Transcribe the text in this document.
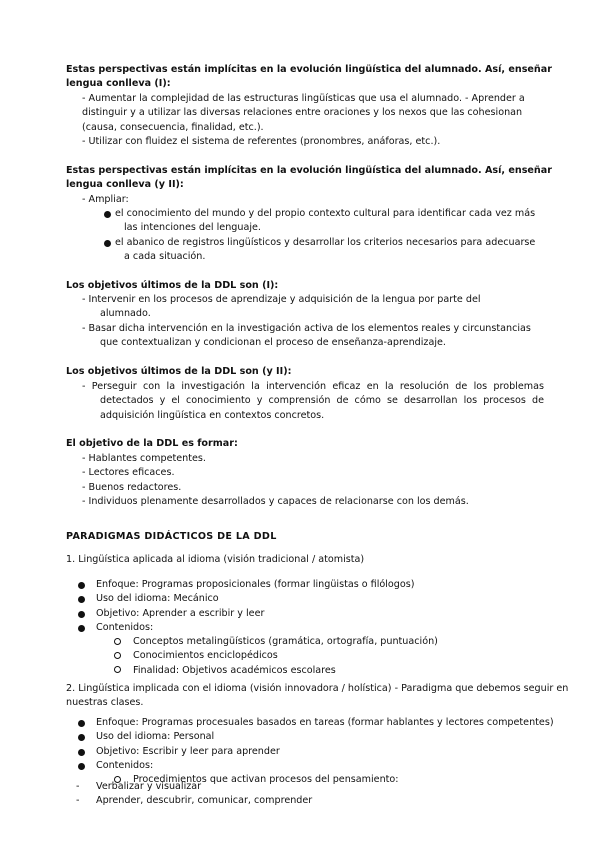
Estas perspectivas están implícitas en la evolución lingüística del alumnado. Así, enseñar
lengua conlleva (I):
- Aumentar la complejidad de las estructuras lingüísticas que usa el alumnado. - Aprender a
distinguir y a utilizar las diversas relaciones entre oraciones y los nexos que las cohesionan
(causa, consecuencia, finalidad, etc.).
- Utilizar con fluidez el sistema de referentes (pronombres, anáforas, etc.).
Estas perspectivas están implícitas en la evolución lingüística del alumnado. Así, enseñar
lengua conlleva (y II):
- Ampliar:
el conocimiento del mundo y del propio contexto cultural para identificar cada vez más
las intenciones del lenguaje.
el abanico de registros lingüísticos y desarrollar los criterios necesarios para adecuarse
a cada situación.
Los objetivos últimos de la DDL son (I):
- Intervenir en los procesos de aprendizaje y adquisición de la lengua por parte del
alumnado.
- Basar dicha intervención en la investigación activa de los elementos reales y circunstancias
que contextualizan y condicionan el proceso de enseñanza-aprendizaje.
Los objetivos últimos de la DDL son (y II):
- Perseguir con la investigación la intervención eficaz en la resolución de los problemas
detectados y el conocimiento y comprensión de cómo se desarrollan los procesos de
adquisición lingüística en contextos concretos.
El objetivo de la DDL es formar:
- Hablantes competentes.
- Lectores eficaces.
- Buenos redactores.
- Individuos plenamente desarrollados y capaces de relacionarse con los demás.
PARADIGMAS DIDÁCTICOS DE LA DDL
1. Lingüística aplicada al idioma (visión tradicional / atomista)
Enfoque: Programas proposicionales (formar lingüistas o filólogos)
Uso del idioma: Mecánico
Objetivo: Aprender a escribir y leer
Contenidos:
Conceptos metalingüísticos (gramática, ortografía, puntuación)
Conocimientos enciclopédicos
Finalidad: Objetivos académicos escolares
2. Lingüística implicada con el idioma (visión innovadora / holística) - Paradigma que debemos seguir en
nuestras clases.
Enfoque: Programas procesuales basados en tareas (formar hablantes y lectores competentes)
Uso del idioma: Personal
Objetivo: Escribir y leer para aprender
Contenidos:
Procedimientos que activan procesos del pensamiento:
- Verbalizar y visualizar
- Aprender, descubrir, comunicar, comprender
